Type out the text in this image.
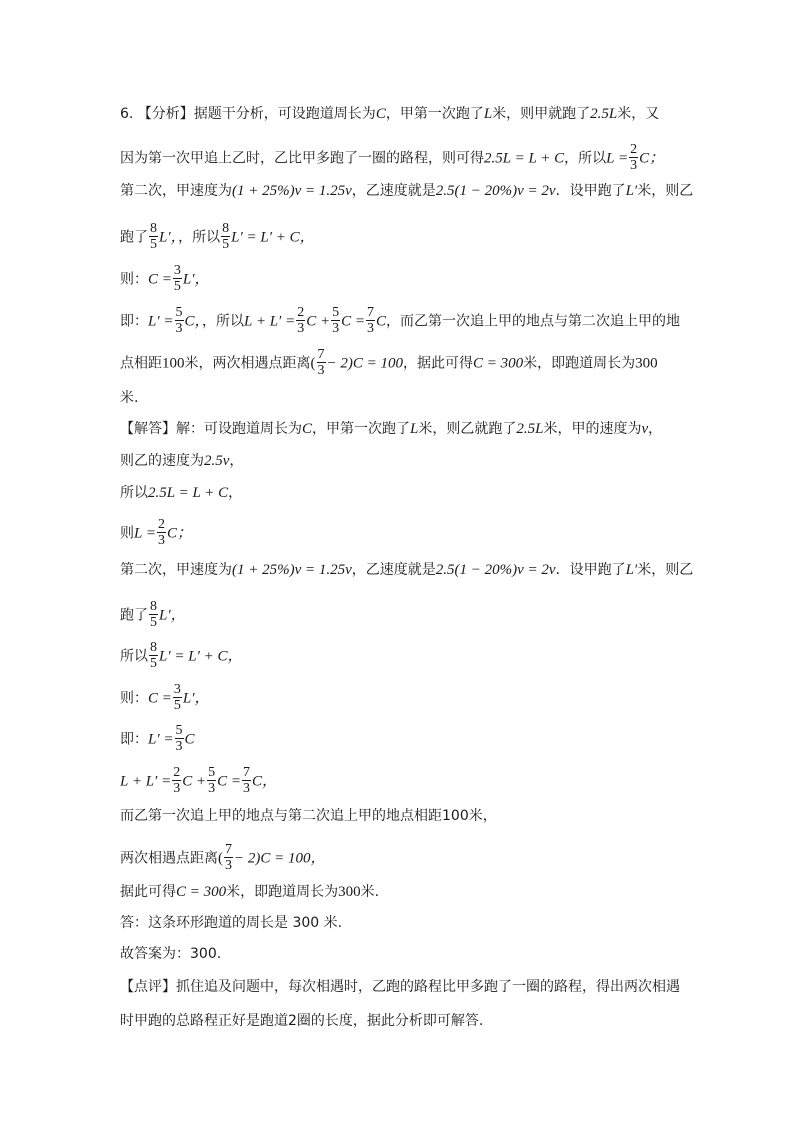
6. 【分析】据题干分析，可设跑道周长为C，甲第一次跑了L米，则甲就跑了2.5L米，又
因为第一次甲追上乙时，乙比甲多跑了一圈的路程，则可得2.5L = L + C，所以$L = \frac{2}{3}$ C；
第二次，甲速度为(1 + 25%)v = 1.25v，乙速度就是2.5(1 − 20%)v = 2v．设甲跑了L′米，则乙
跑了 $\frac{8}{5} L'$，，所以 $\frac{8}{5} L' = L' + C$，
则：$C = \frac{3}{5} L'$，
即：$L' = \frac{5}{3}$ C，，所以$L + L' = \frac{2}{3}$ $C + \frac{5}{3}$ $C = \frac{7}{3}$ C，而乙第一次追上甲的地点与第二次追上甲的地
点相距100米，两次相遇点距离( $\frac{7}{3} - 2)C = 100$，据此可得C = 300米，即跑道周长为300
米.
【解答】解：可设跑道周长为C，甲第一次跑了L米，则乙就跑了2.5L米，甲的速度为v，
则乙的速度为2.5v，
所以2.5L = L + C，
则$L = \frac{2}{3}$ C；
第二次，甲速度为(1 + 25%)v = 1.25v，乙速度就是2.5(1 − 20%)v = 2v．设甲跑了L′米，则乙
跑了 $\frac{8}{5} L'$，
所以 $\frac{8}{5} L' = L' + C$，
则：$C = \frac{3}{5} L'$，
即：$L' = \frac{5}{3}$ C
$L + L' = \frac{2}{3}$ $C + \frac{5}{3}$ $C = \frac{7}{3}$ C，
而乙第一次追上甲的地点与第二次追上甲的地点相距100米，
两次相遇点距离( $\frac{7}{3} - 2)C = 100$，
据此可得C = 300米，即跑道周长为300米.
答：这条环形跑道的周长是 300 米.
故答案为：300.
【点评】抓住追及问题中，每次相遇时，乙跑的路程比甲多跑了一圈的路程，得出两次相遇
时甲跑的总路程正好是跑道2圈的长度，据此分析即可解答.
